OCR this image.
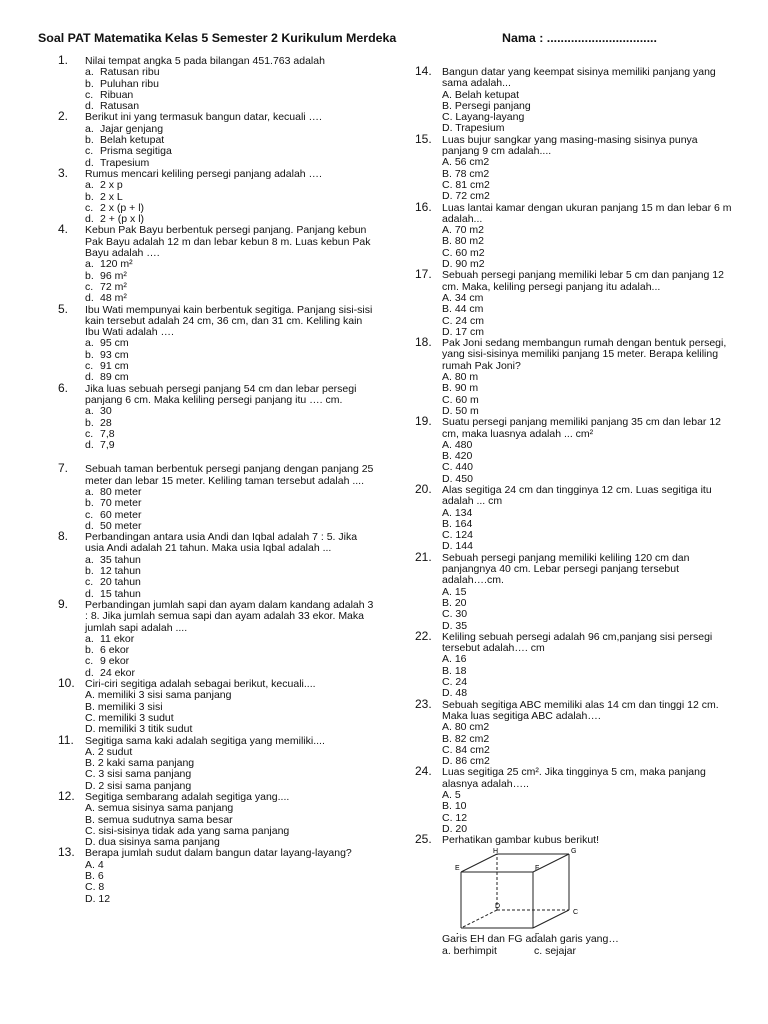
Soal PAT Matematika Kelas 5 Semester 2 Kurikulum Merdeka	Nama : ................................
1. Nilai tempat angka 5 pada bilangan 451.763 adalah
a. Ratusan ribu
b. Puluhan ribu
c. Ribuan
d. Ratusan
2. Berikut ini yang termasuk bangun datar, kecuali ….
a. Jajar genjang
b. Belah ketupat
c. Prisma segitiga
d. Trapesium
3. Rumus mencari keliling persegi panjang adalah ….
a. 2 x p
b. 2 x L
c. 2 x (p + l)
d. 2 + (p x l)
4. Kebun Pak Bayu berbentuk persegi panjang. Panjang kebun Pak Bayu adalah 12 m dan lebar kebun 8 m. Luas kebun Pak Bayu adalah ….
a. 120 m²
b. 96 m²
c. 72 m²
d. 48 m²
5. Ibu Wati mempunyai kain berbentuk segitiga. Panjang sisi-sisi kain tersebut adalah 24 cm, 36 cm, dan 31 cm. Keliling kain Ibu Wati adalah ….
a. 95 cm
b. 93 cm
c. 91 cm
d. 89 cm
6. Jika luas sebuah persegi panjang 54 cm dan lebar persegi panjang 6 cm. Maka keliling persegi panjang itu …. cm.
a. 30
b. 28
c. 7,8
d. 7,9
7. Sebuah taman berbentuk persegi panjang dengan panjang 25 meter dan lebar 15 meter. Keliling taman tersebut adalah ....
a. 80 meter
b. 70 meter
c. 60 meter
d. 50 meter
8. Perbandingan antara usia Andi dan Iqbal adalah 7 : 5. Jika usia Andi adalah 21 tahun. Maka usia Iqbal adalah ...
a. 35 tahun
b. 12 tahun
c. 20 tahun
d. 15 tahun
9. Perbandingan jumlah sapi dan ayam dalam kandang adalah 3 : 8. Jika jumlah semua sapi dan ayam adalah 33 ekor. Maka jumlah sapi adalah ....
a. 11 ekor
b. 6 ekor
c. 9 ekor
d. 24 ekor
10. Ciri-ciri segitiga adalah sebagai berikut, kecuali....
A. memiliki 3 sisi sama panjang
B. memiliki 3 sisi
C. memiliki 3 sudut
D. memiliki 3 titik sudut
11. Segitiga sama kaki adalah segitiga yang memiliki....
A. 2 sudut
B. 2 kaki sama panjang
C. 3 sisi sama panjang
D. 2 sisi sama panjang
12. Segitiga sembarang adalah segitiga yang....
A. semua sisinya sama panjang
B. semua sudutnya sama besar
C. sisi-sisinya tidak ada yang sama panjang
D. dua sisinya sama panjang
13. Berapa jumlah sudut dalam bangun datar layang-layang?
A. 4
B. 6
C. 8
D. 12
14. Bangun datar yang keempat sisinya memiliki panjang yang sama adalah...
A. Belah ketupat
B. Persegi panjang
C. Layang-layang
D. Trapesium
15. Luas bujur sangkar yang masing-masing sisinya punya panjang 9 cm adalah....
A. 56 cm2
B. 78 cm2
C. 81 cm2
D. 72 cm2
16. Luas lantai kamar dengan ukuran panjang 15 m dan lebar 6 m adalah...
A. 70 m2
B. 80 m2
C. 60 m2
D. 90 m2
17. Sebuah persegi panjang memiliki lebar 5 cm dan panjang 12 cm. Maka, keliling persegi panjang itu adalah...
A. 34 cm
B. 44 cm
C. 24 cm
D. 17 cm
18. Pak Joni sedang membangun rumah dengan bentuk persegi, yang sisi-sisinya memiliki panjang 15 meter. Berapa keliling rumah Pak Joni?
A. 80 m
B. 90 m
C. 60 m
D. 50 m
19. Suatu persegi panjang memiliki panjang 35 cm dan lebar 12 cm, maka luasnya adalah ... cm²
A. 480
B. 420
C. 440
D. 450
20. Alas segitiga 24 cm dan tingginya 12 cm. Luas segitiga itu adalah ... cm
A. 134
B. 164
C. 124
D. 144
21. Sebuah persegi panjang memiliki keliling 120 cm dan panjangnya 40 cm. Lebar persegi panjang tersebut adalah….cm.
A. 15
B. 20
C. 30
D. 35
22. Keliling sebuah persegi adalah 96 cm,panjang sisi persegi tersebut adalah…. cm
A. 16
B. 18
C. 24
D. 48
23. Sebuah segitiga ABC memiliki alas 14 cm dan tinggi 12 cm. Maka luas segitiga ABC adalah….
A. 80 cm2
B. 82 cm2
C. 84 cm2
D. 86 cm2
24. Luas segitiga 25 cm². Jika tingginya 5 cm, maka panjang alasnya adalah…..
A. 5
B. 10
C. 12
D. 20
25. Perhatikan gambar kubus berikut!
H	G
E	F
D
C
Garis EH dan FG adalah garis yang…
a. berhimpit	c. sejajar
